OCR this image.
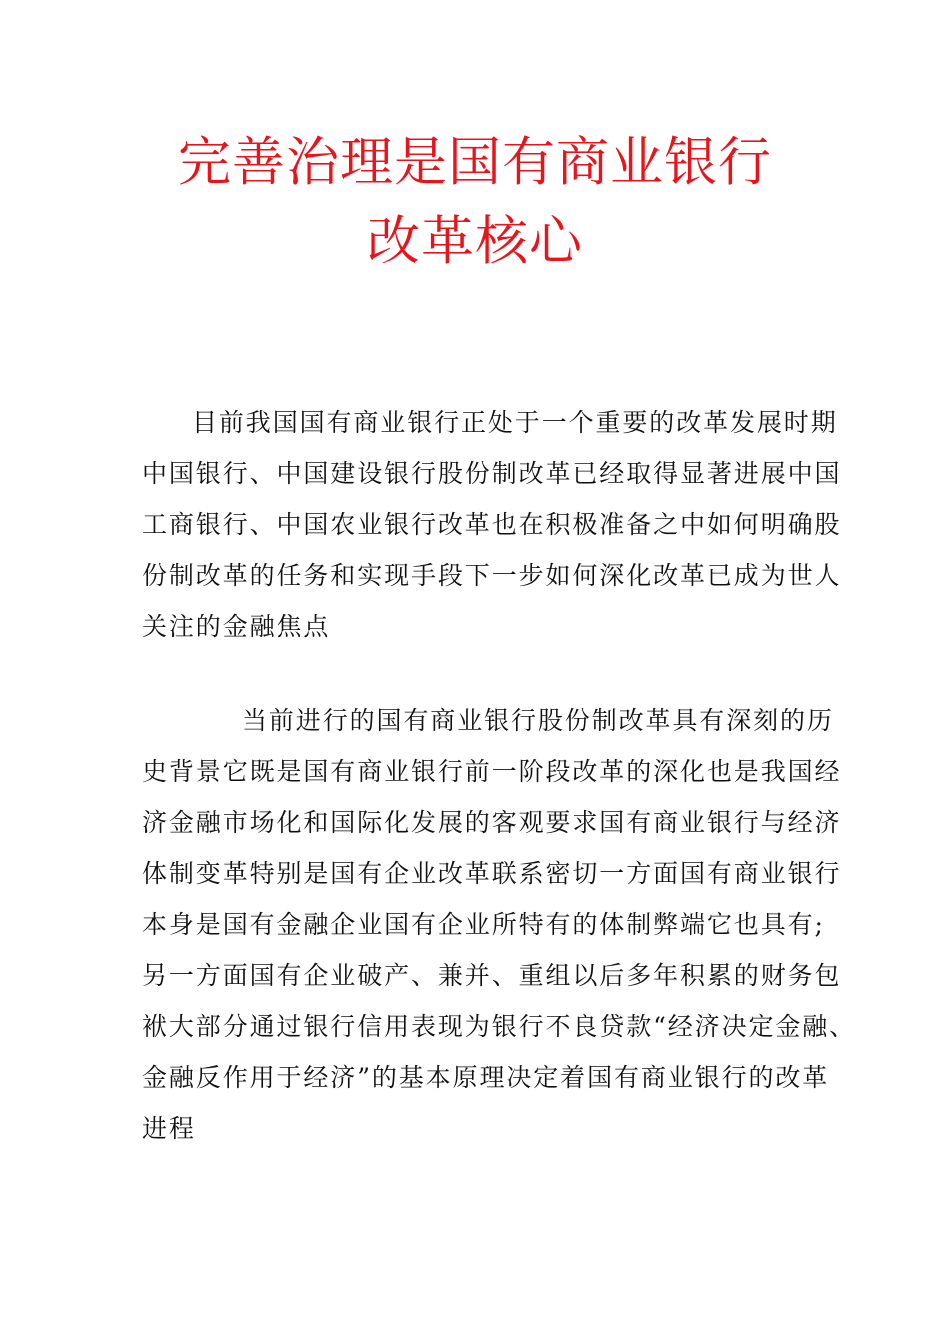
完善治理是国有商业银行
改革核心
目前我国国有商业银行正处于一个重要的改革发展时期
中国银行、中国建设银行股份制改革已经取得显著进展中国
工商银行、中国农业银行改革也在积极准备之中如何明确股
份制改革的任务和实现手段下一步如何深化改革已成为世人
关注的金融焦点
当前进行的国有商业银行股份制改革具有深刻的历
史背景它既是国有商业银行前一阶段改革的深化也是我国经
济金融市场化和国际化发展的客观要求国有商业银行与经济
体制变革特别是国有企业改革联系密切一方面国有商业银行
本身是国有金融企业国有企业所特有的体制弊端它也具有;
另一方面国有企业破产、兼并、重组以后多年积累的财务包
袱大部分通过银行信用表现为银行不良贷款“经济决定金融、
金融反作用于经济”的基本原理决定着国有商业银行的改革
进程
